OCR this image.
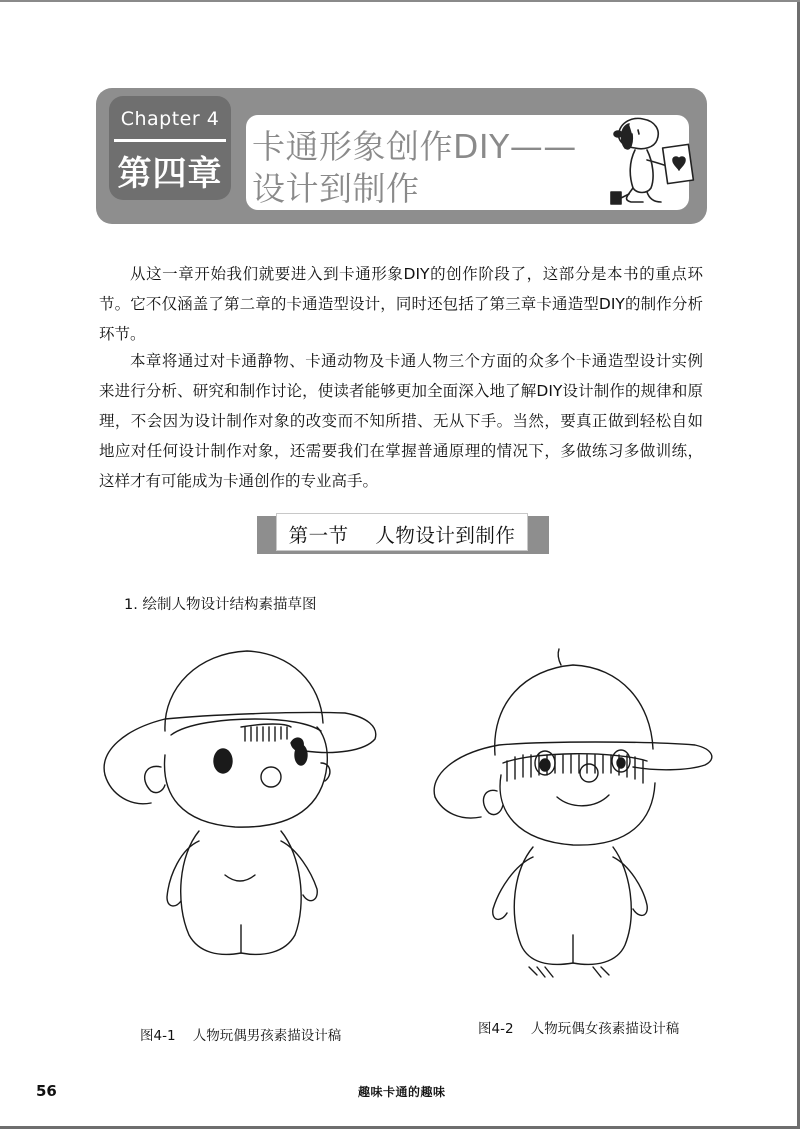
Chapter 4
第四章
卡通形象创作DIY——
设计到制作

从这一章开始我们就要进入到卡通形象DIY的创作阶段了，这部分是本书的重点环节。它不仅涵盖了第二章的卡通造型设计，同时还包括了第三章卡通造型DIY的制作分析环节。

本章将通过对卡通静物、卡通动物及卡通人物三个方面的众多个卡通造型设计实例来进行分析、研究和制作讨论，使读者能够更加全面深入地了解DIY设计制作的规律和原理，不会因为设计制作对象的改变而不知所措、无从下手。当然，要真正做到轻松自如地应对任何设计制作对象，还需要我们在掌握普通原理的情况下，多做练习多做训练，这样才有可能成为卡通创作的专业高手。

第一节    人物设计到制作
1. 绘制人物设计结构素描草图
图4-1    人物玩偶男孩素描设计稿	图4-2    人物玩偶女孩素描设计稿
56	趣味卡通的趣味
